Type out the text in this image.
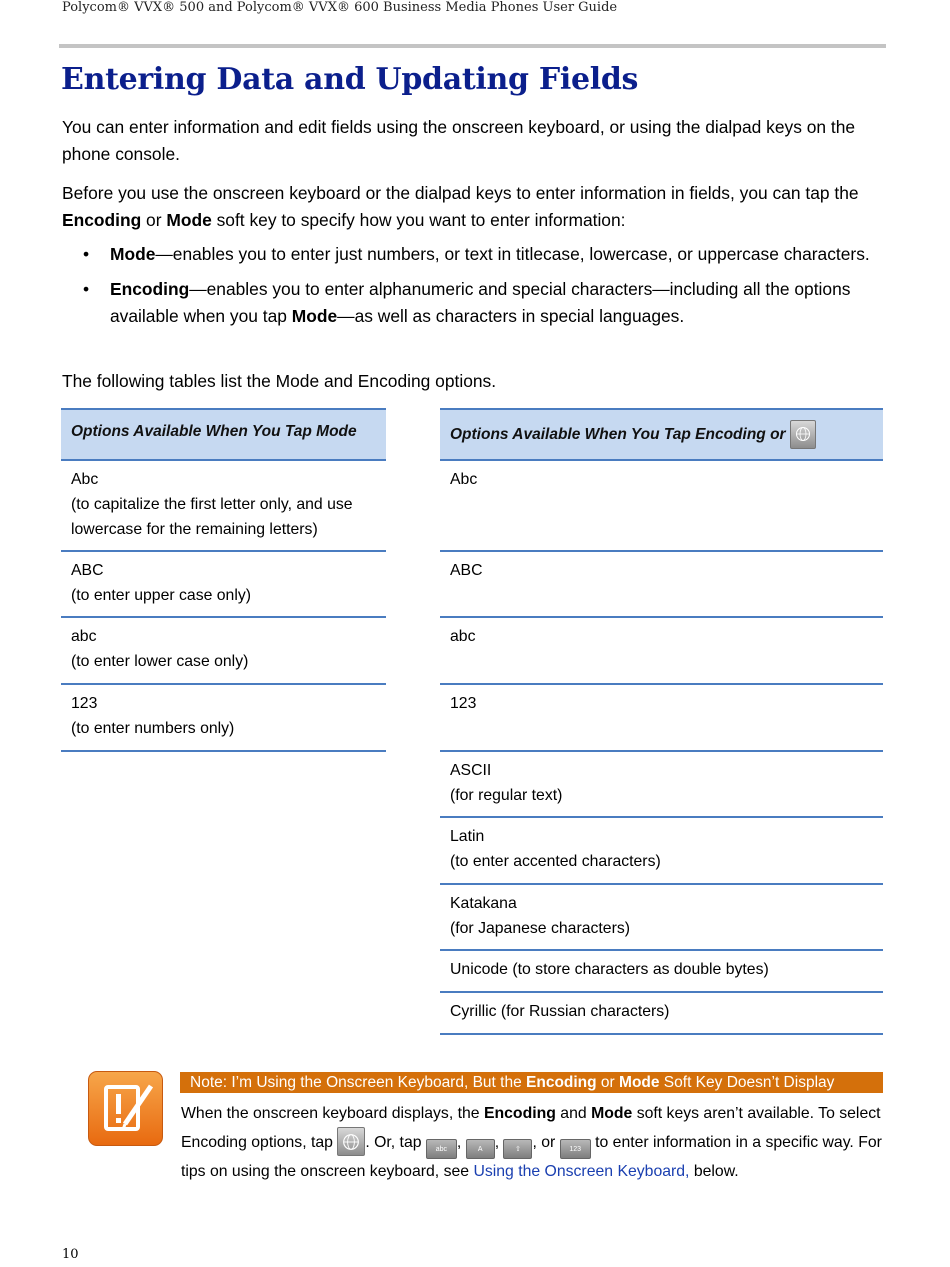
Polycom® VVX® 500 and Polycom® VVX® 600 Business Media Phones User Guide
Entering Data and Updating Fields

You can enter information and edit fields using the onscreen keyboard, or using the dialpad keys on the phone console.

Before you use the onscreen keyboard or the dialpad keys to enter information in fields, you can tap the Encoding or Mode soft key to specify how you want to enter information:

• Mode—enables you to enter just numbers, or text in titlecase, lowercase, or uppercase characters.
• Encoding—enables you to enter alphanumeric and special characters—including all the options available when you tap Mode—as well as characters in special languages.

The following tables list the Mode and Encoding options.

Options Available When You Tap Mode
Abc
(to capitalize the first letter only, and use lowercase for the remaining letters)
ABC
(to enter upper case only)
abc
(to enter lower case only)
123
(to enter numbers only)
Options Available When You Tap Encoding or

Abc
ABC
abc
123
ASCII
(for regular text)
Latin
(to enter accented characters)
Katakana
(for Japanese characters)
Unicode (to store characters as double bytes)
Cyrillic (for Russian characters)
Note: I’m Using the Onscreen Keyboard, But the Encoding or Mode Soft Key Doesn’t Display
When the onscreen keyboard displays, the Encoding and Mode soft keys aren’t available. To select Encoding options, tap
. Or, tap abc , A , ⇧ , or 123 to enter information in a specific way. For tips on using the onscreen keyboard, see Using the Onscreen Keyboard, below.
10
